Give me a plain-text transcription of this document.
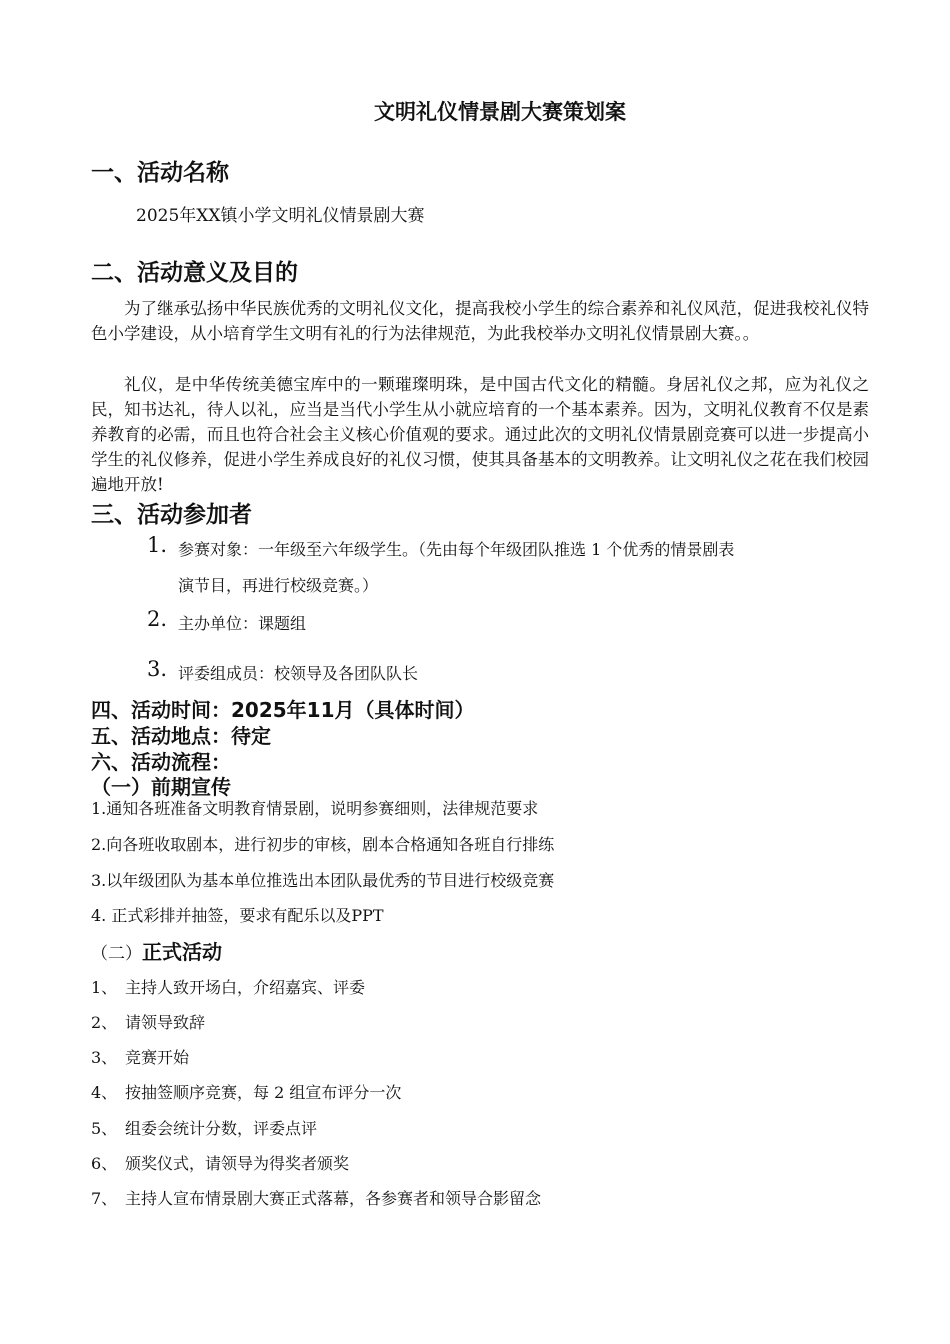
文明礼仪情景剧大赛策划案
一、活动名称
2025年XX镇小学文明礼仪情景剧大赛
二、活动意义及目的
为了继承弘扬中华民族优秀的文明礼仪文化，提高我校小学生的综合素养和礼仪风范，促进我校礼仪特色小学建设，从小培育学生文明有礼的行为法律规范，为此我校举办文明礼仪情景剧大赛。。
礼仪，是中华传统美德宝库中的一颗璀璨明珠，是中国古代文化的精髓。身居礼仪之邦，应为礼仪之民，知书达礼，待人以礼，应当是当代小学生从小就应培育的一个基本素养。因为，文明礼仪教育不仅是素养教育的必需，而且也符合社会主义核心价值观的要求。通过此次的文明礼仪情景剧竞赛可以进一步提高小学生的礼仪修养，促进小学生养成良好的礼仪习惯，使其具备基本的文明教养。让文明礼仪之花在我们校园遍地开放!
三、活动参加者
1. 参赛对象：一年级至六年级学生。（先由每个年级团队推选 1 个优秀的情景剧表
演节目，再进行校级竞赛。）
2. 主办单位：课题组
3. 评委组成员：校领导及各团队队长
四、活动时间：2025年11月（具体时间）
五、活动地点：待定
六、活动流程：
（一）前期宣传
1.通知各班准备文明教育情景剧，说明参赛细则，法律规范要求
2.向各班收取剧本，进行初步的审核，剧本合格通知各班自行排练
3.以年级团队为基本单位推选出本团队最优秀的节目进行校级竞赛
4. 正式彩排并抽签，要求有配乐以及PPT
（二）正式活动
1、 主持人致开场白，介绍嘉宾、评委
2、 请领导致辞
3、 竞赛开始
4、 按抽签顺序竞赛，每 2 组宣布评分一次
5、 组委会统计分数，评委点评
6、 颁奖仪式，请领导为得奖者颁奖
7、 主持人宣布情景剧大赛正式落幕，各参赛者和领导合影留念
